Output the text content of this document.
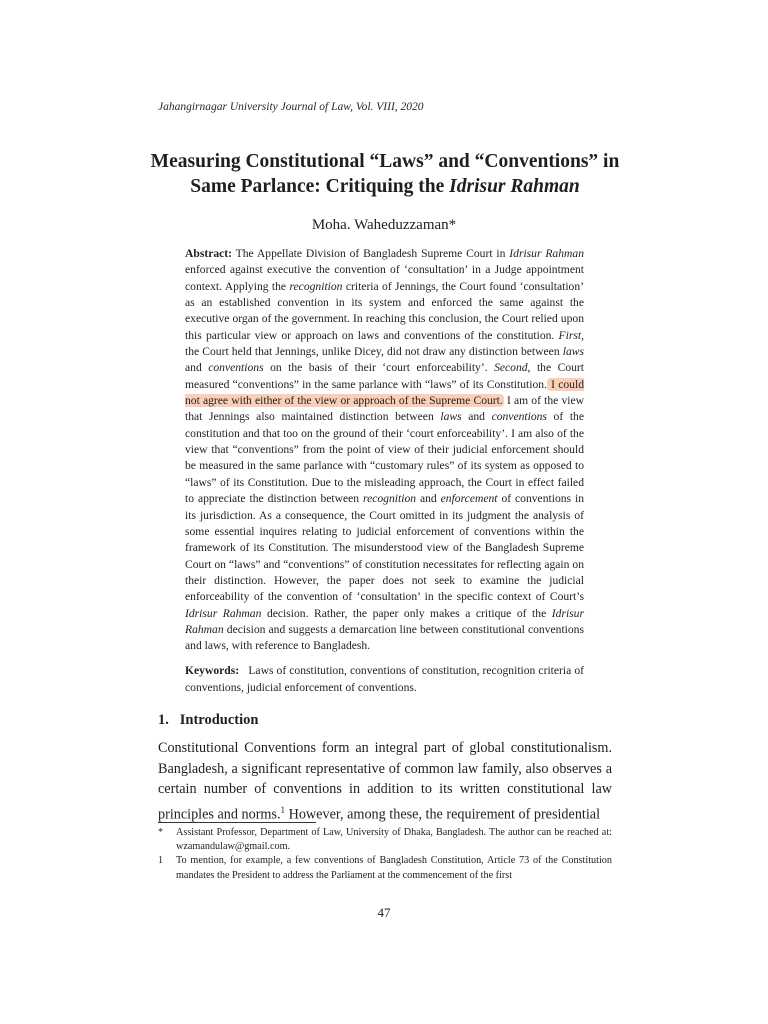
Jahangirnagar University Journal of Law, Vol. VIII, 2020
Measuring Constitutional “Laws” and “Conventions” in
Same Parlance: Critiquing the Idrisur Rahman
Moha. Waheduzzaman*

Abstract: The Appellate Division of Bangladesh Supreme Court in Idrisur Rahman enforced against executive the convention of ‘consultation’ in a Judge appointment context. Applying the recognition criteria of Jennings, the Court found ‘consultation’ as an established convention in its system and enforced the same against the executive organ of the government. In reaching this conclusion, the Court relied upon this particular view or approach on laws and conventions of the constitution. First, the Court held that Jennings, unlike Dicey, did not draw any distinction between laws and conventions on the basis of their ‘court enforceability’. Second, the Court measured “conventions” in the same parlance with “laws” of its Constitution. I could not agree with either of the view or approach of the Supreme Court. I am of the view that Jennings also maintained distinction between laws and conventions of the constitution and that too on the ground of their ‘court enforceability’. I am also of the view that “conventions” from the point of view of their judicial enforcement should be measured in the same parlance with “customary rules” of its system as opposed to “laws” of its Constitution. Due to the misleading approach, the Court in effect failed to appreciate the distinction between recognition and enforcement of conventions in its jurisdiction. As a consequence, the Court omitted in its judgment the analysis of some essential inquires relating to judicial enforcement of conventions within the framework of its Constitution. The misunderstood view of the Bangladesh Supreme Court on “laws” and “conventions” of constitution necessitates for reflecting again on their distinction. However, the paper does not seek to examine the judicial enforceability of the convention of ‘consultation’ in the specific context of Court’s Idrisur Rahman decision. Rather, the paper only makes a critique of the Idrisur Rahman decision and suggests a demarcation line between constitutional conventions and laws, with reference to Bangladesh.

Keywords: Laws of constitution, conventions of constitution, recognition criteria of conventions, judicial enforcement of conventions.
1. Introduction
Constitutional Conventions form an integral part of global constitutionalism. Bangladesh, a significant representative of common law family, also observes a certain number of conventions in addition to its written constitutional law principles and norms.$^1$ However, among these, the requirement of presidential
*	Assistant Professor, Department of Law, University of Dhaka, Bangladesh. The author can be reached at: wzamandulaw@gmail.com.
1	To mention, for example, a few conventions of Bangladesh Constitution, Article 73 of the Constitution mandates the President to address the Parliament at the commencement of the first
47
